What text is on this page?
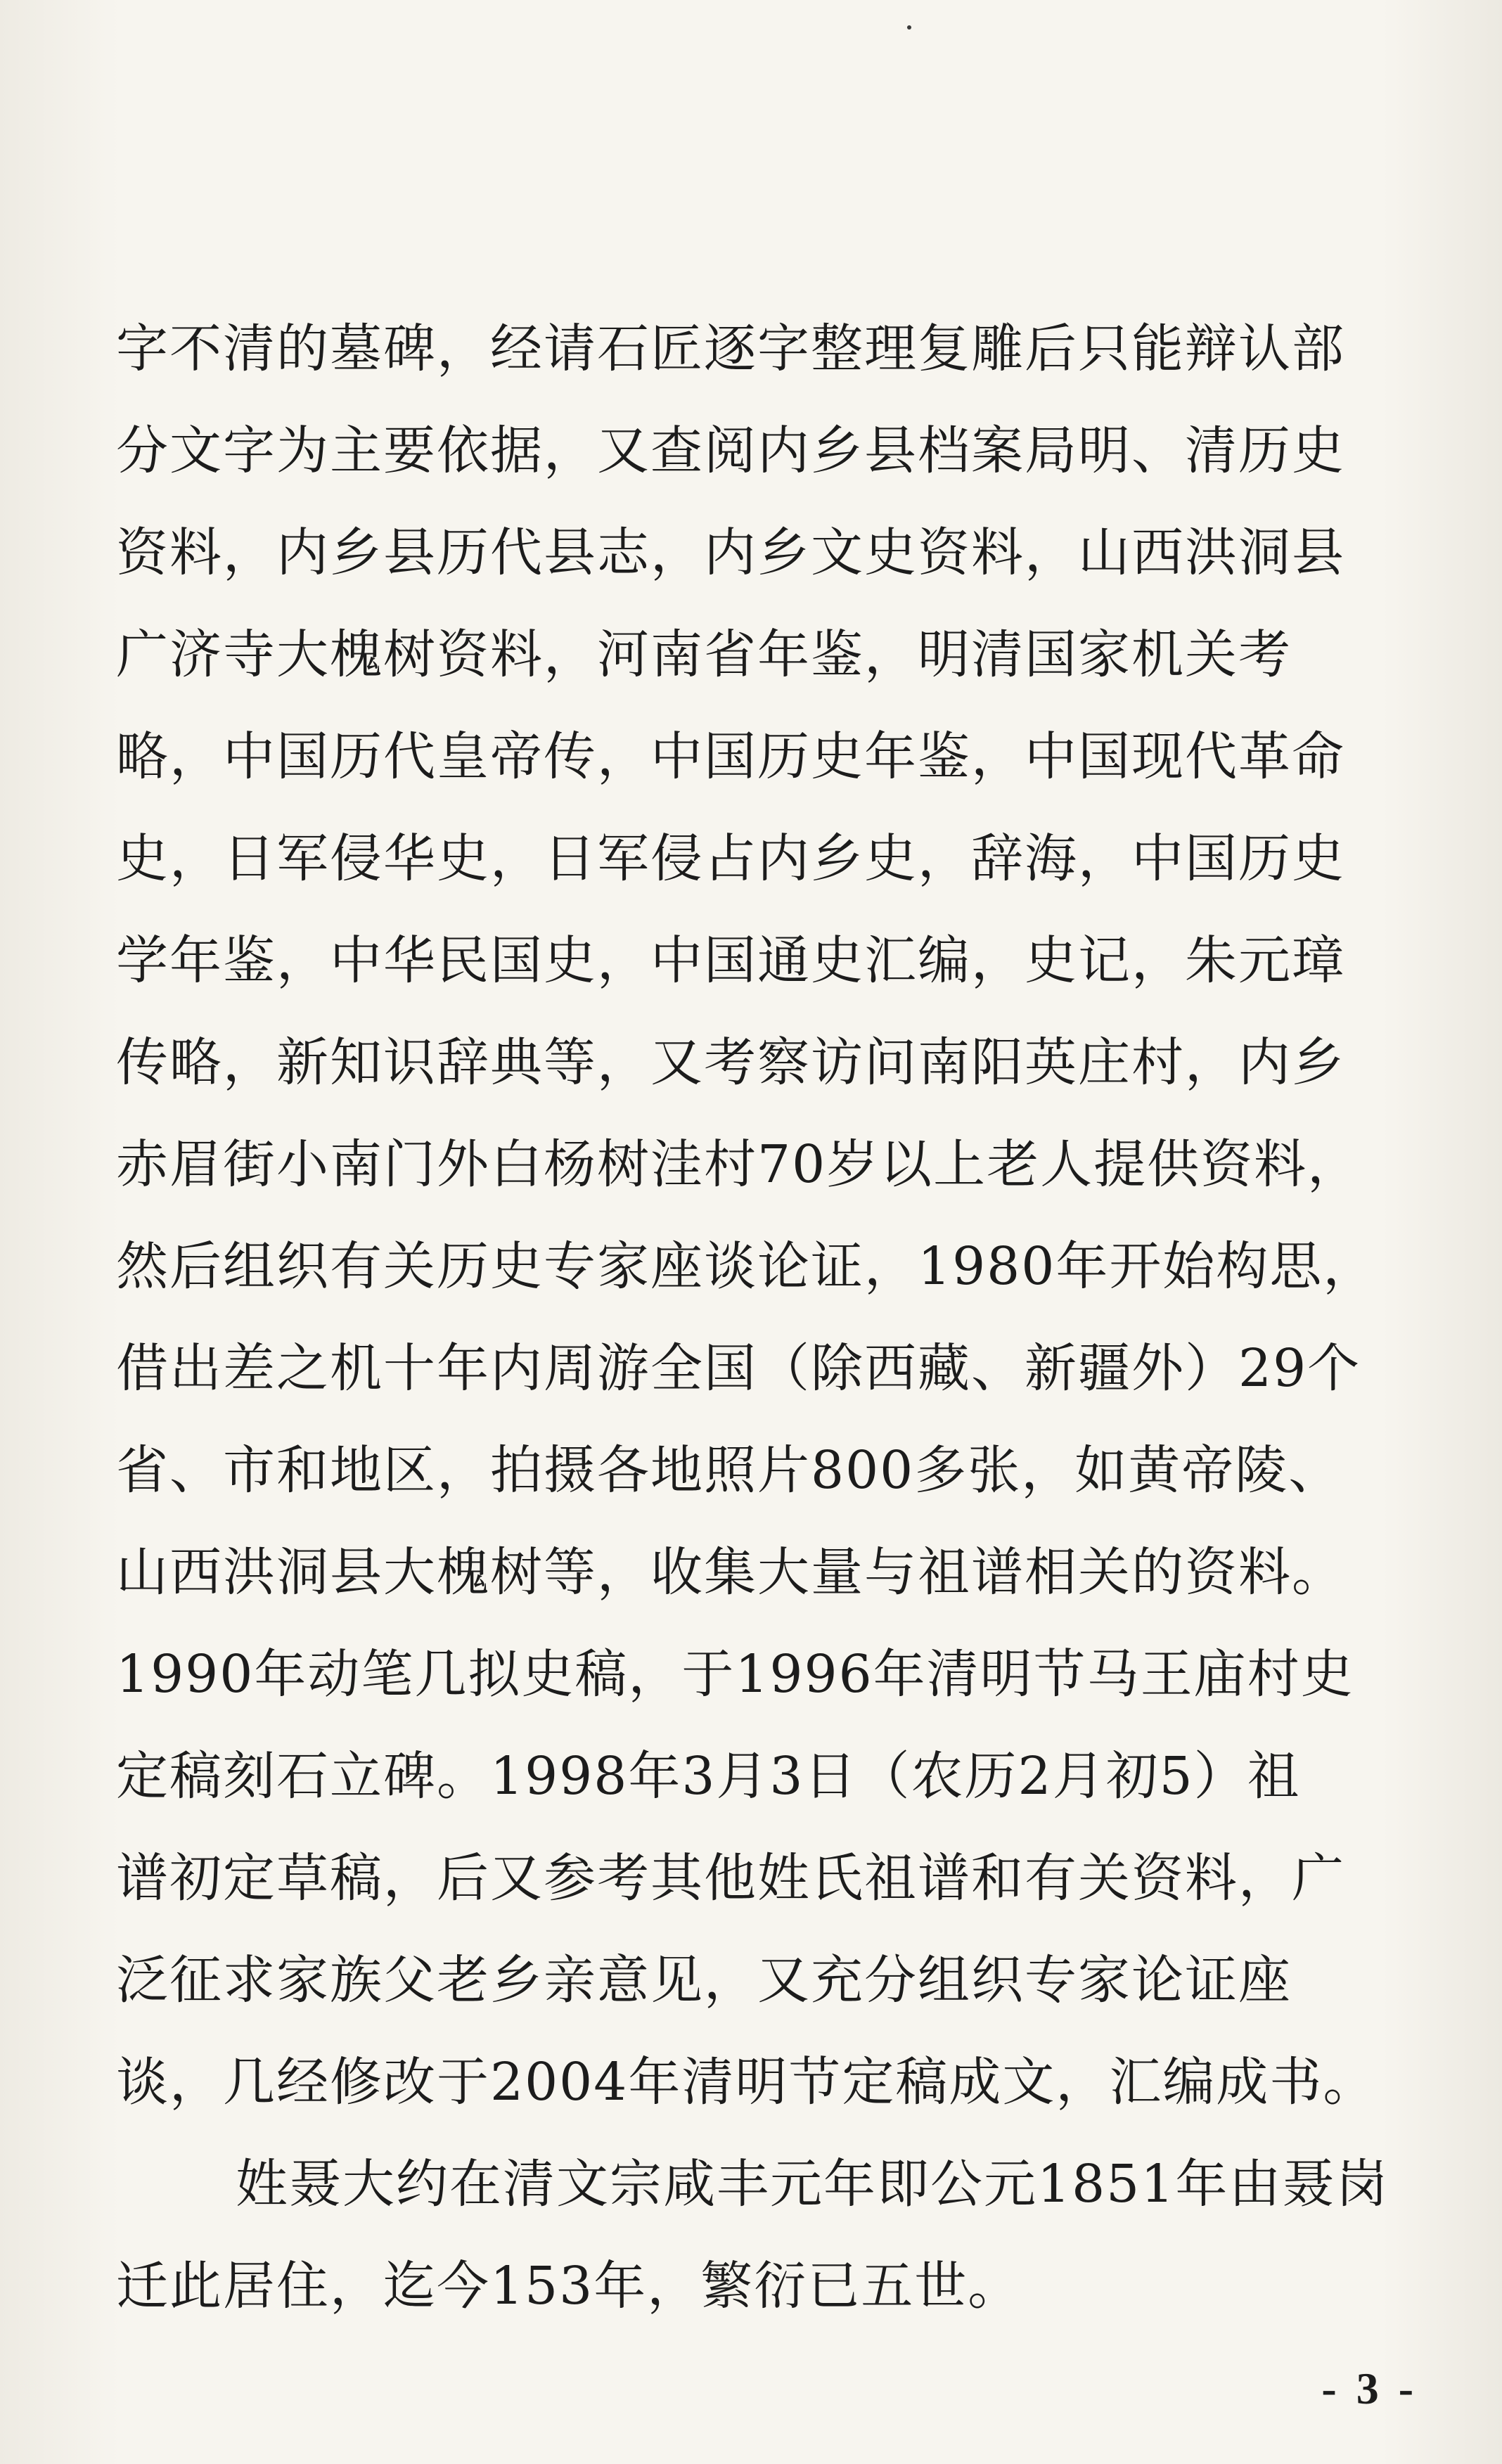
字不清的墓碑，经请石匠逐字整理复雕后只能辩认部
分文字为主要依据，又查阅内乡县档案局明、清历史
资料，内乡县历代县志，内乡文史资料，山西洪洞县
广济寺大槐树资料，河南省年鉴，明清国家机关考
略，中国历代皇帝传，中国历史年鉴，中国现代革命
史，日军侵华史，日军侵占内乡史，辞海，中国历史
学年鉴，中华民国史，中国通史汇编，史记，朱元璋
传略，新知识辞典等，又考察访问南阳英庄村，内乡
赤眉街小南门外白杨树洼村70岁以上老人提供资料，
然后组织有关历史专家座谈论证，1980年开始构思，
借出差之机十年内周游全国（除西藏、新疆外）29个
省、市和地区，拍摄各地照片800多张，如黄帝陵、
山西洪洞县大槐树等，收集大量与祖谱相关的资料。
1990年动笔几拟史稿，于1996年清明节马王庙村史
定稿刻石立碑。1998年3月3日（农历2月初5）祖
谱初定草稿，后又参考其他姓氏祖谱和有关资料，广
泛征求家族父老乡亲意见，又充分组织专家论证座
谈，几经修改于2004年清明节定稿成文，汇编成书。
姓聂大约在清文宗咸丰元年即公元1851年由聂岗
迁此居住，迄今153年，繁衍已五世。
- 3 -
